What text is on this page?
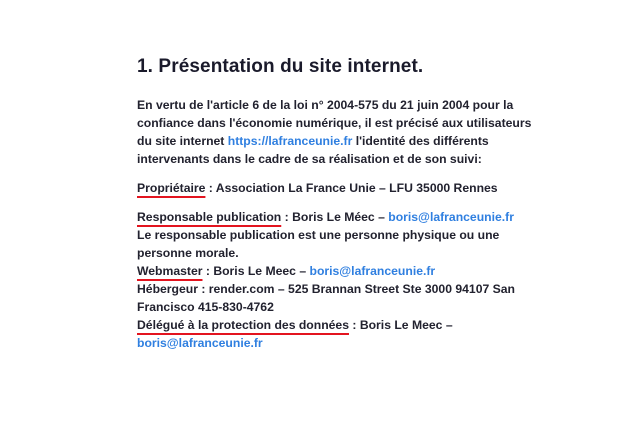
1. Présentation du site internet.

En vertu de l'article 6 de la loi n° 2004-575 du 21 juin 2004 pour la confiance dans l'économie numérique, il est précisé aux utilisateurs du site internet https://lafranceunie.fr l'identité des différents intervenants dans le cadre de sa réalisation et de son suivi:

Propriétaire : Association La France Unie – LFU 35000 Rennes
Responsable publication : Boris Le Méec – boris@lafranceunie.fr
Le responsable publication est une personne physique ou une personne morale.
Webmaster : Boris Le Meec – boris@lafranceunie.fr
Hébergeur : render.com – 525 Brannan Street Ste 3000 94107 San Francisco 415-830-4762
Délégué à la protection des données : Boris Le Meec – boris@lafranceunie.fr
